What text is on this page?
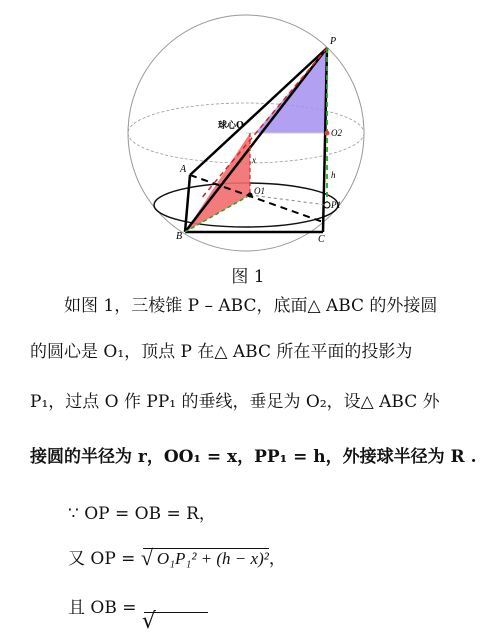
P
A
B	C
O2
O1
P1
球心O
x
h
图 1
如图 1，三棱锥 P – ABC，底面△ ABC 的外接圆
的圆心是 O₁，顶点 P 在△ ABC 所在平面的投影为
P₁，过点 O 作 PP₁ 的垂线，垂足为 O₂，设△ ABC 外
接圆的半径为 r，OO₁ = x，PP₁ = h，外接球半径为 R .
∵ OP = OB = R，
又 OP = √ O₁P₁² + (h − x)²，
且 OB = √
